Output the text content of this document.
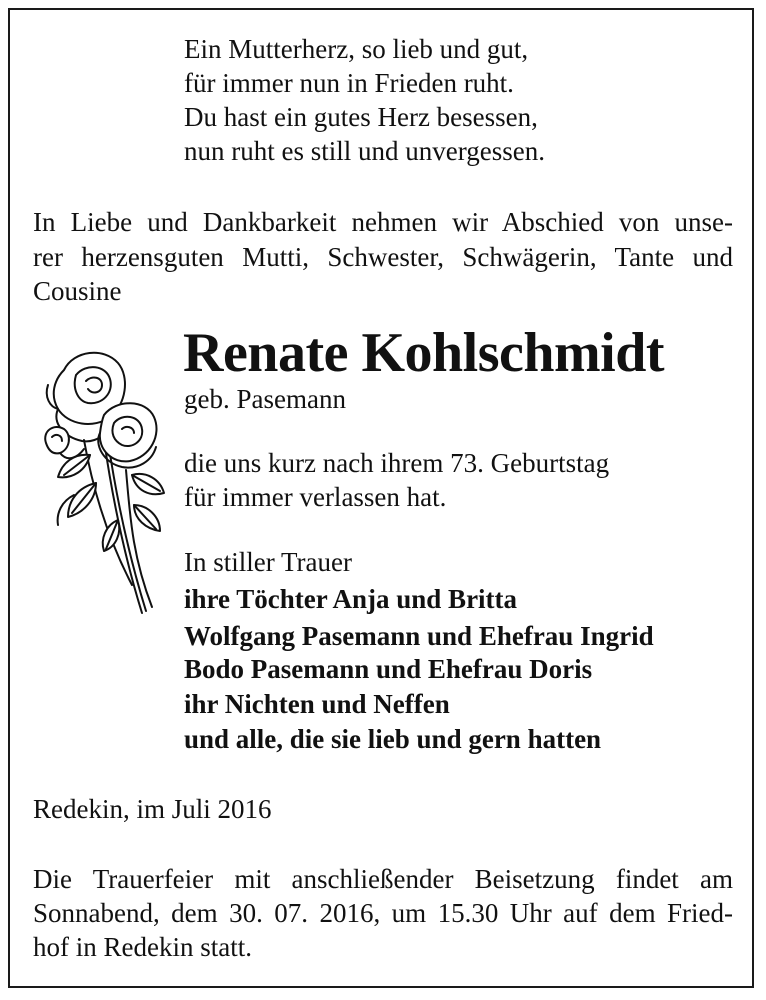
Ein Mutterherz, so lieb und gut,

für immer nun in Frieden ruht.

Du hast ein gutes Herz besessen,

nun ruht es still und unvergessen.

In Liebe und Dankbarkeit nehmen wir Abschied von unse-

rer herzensguten Mutti, Schwester, Schwägerin, Tante und

Cousine

Renate Kohlschmidt

geb. Pasemann

die uns kurz nach ihrem 73. Geburtstag

für immer verlassen hat.

In stiller Trauer

ihre Töchter Anja und Britta

Wolfgang Pasemann und Ehefrau Ingrid

Bodo Pasemann und Ehefrau Doris

ihr Nichten und Neffen

und alle, die sie lieb und gern hatten

Redekin, im Juli 2016

Die Trauerfeier mit anschließender Beisetzung findet am

Sonnabend, dem 30. 07. 2016, um 15.30 Uhr auf dem Fried-

hof in Redekin statt.
